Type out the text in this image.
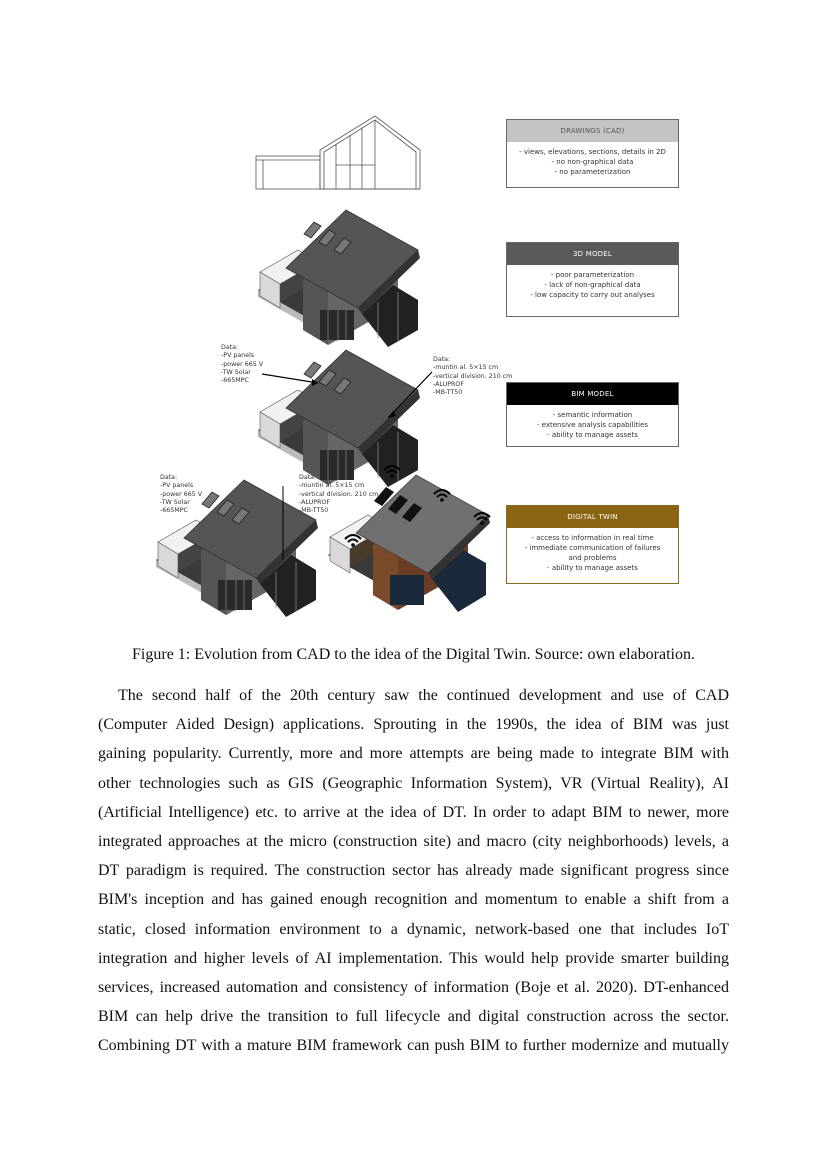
Data:
-PV panels
-power 665 V
-TW Solar
-665MPC
Data:
-muntin al. 5×15 cm
-vertical division. 210 cm
-ALUPROF
-MB-TT50
Data:
-PV panels
-power 665 V
-TW Solar
-665MPC
Data:
-muntin al. 5×15 cm
-vertical division. 210 cm
-ALUPROF
-MB-TT50
DRAWINGS (CAD)
- views, elevations, sections, details in 2D
- no non-graphical data
- no parameterization
3D MODEL
- poor parameterization
- lack of non-graphical data
- low capacity to carry out analyses
BIM MODEL
- semantic information
- extensive analysis capabilities
- ability to manage assets
DIGITAL TWIN
- access to information in real time
- immediate communication of failures
and problems
- ability to manage assets
Figure 1: Evolution from CAD to the idea of the Digital Twin. Source: own elaboration.
The second half of the 20th century saw the continued development and use of CAD
(Computer Aided Design) applications. Sprouting in the 1990s, the idea of BIM was just
gaining popularity. Currently, more and more attempts are being made to integrate BIM with
other technologies such as GIS (Geographic Information System), VR (Virtual Reality), AI
(Artificial Intelligence) etc. to arrive at the idea of DT. In order to adapt BIM to newer, more
integrated approaches at the micro (construction site) and macro (city neighborhoods) levels, a
DT paradigm is required. The construction sector has already made significant progress since
BIM's inception and has gained enough recognition and momentum to enable a shift from a
static, closed information environment to a dynamic, network-based one that includes IoT
integration and higher levels of AI implementation. This would help provide smarter building
services, increased automation and consistency of information (Boje et al. 2020). DT-enhanced
BIM can help drive the transition to full lifecycle and digital construction across the sector.
Combining DT with a mature BIM framework can push BIM to further modernize and mutually
